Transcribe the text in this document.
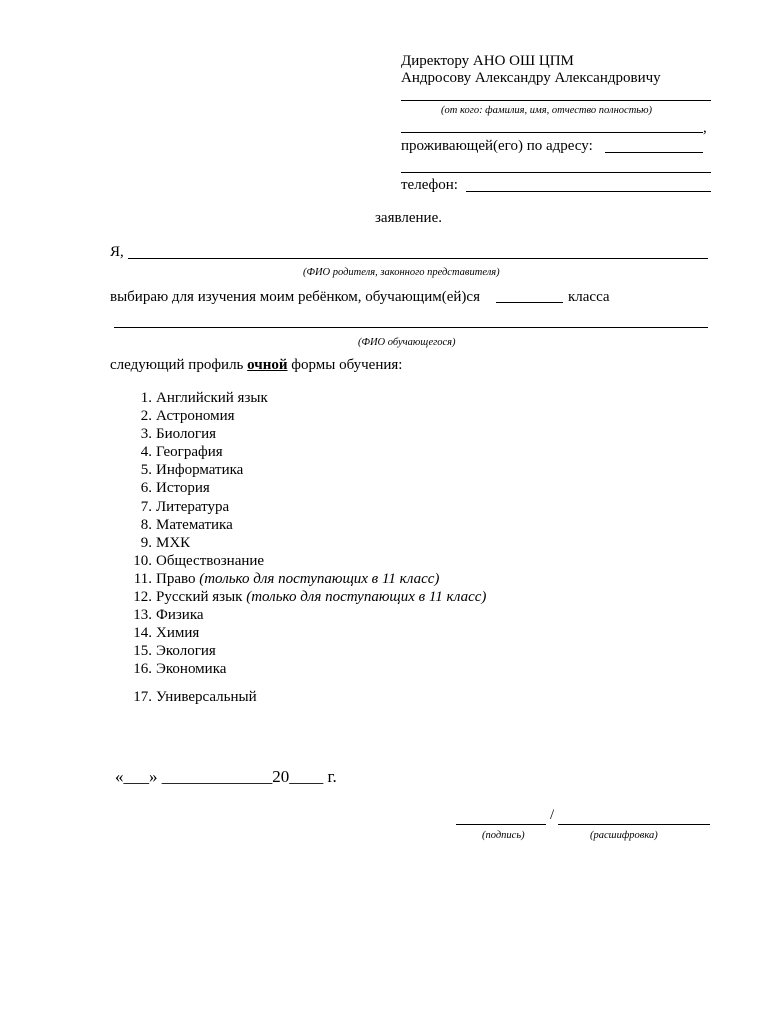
Директору АНО ОШ ЦПМ
Андросову Александру Александровичу
(от кого: фамилия, имя, отчество полностью)
,
проживающей(его) по адресу:
телефон:
заявление.
Я,
(ФИО родителя, законного представителя)
выбираю для изучения моим ребёнком, обучающим(ей)ся	класса
(ФИО обучающегося)
следующий профиль очной формы обучения:
1. Английский язык
2. Астрономия
3. Биология
4. География
5. Информатика
6. История
7. Литература
8. Математика
9. МХК
10. Обществознание
11. Право (только для поступающих в 11 класс)
12. Русский язык (только для поступающих в 11 класс)
13. Физика
14. Химия
15. Экология
16. Экономика
17. Универсальный
«___» _____________20____ г.
/
(подпись)	(расшифровка)
